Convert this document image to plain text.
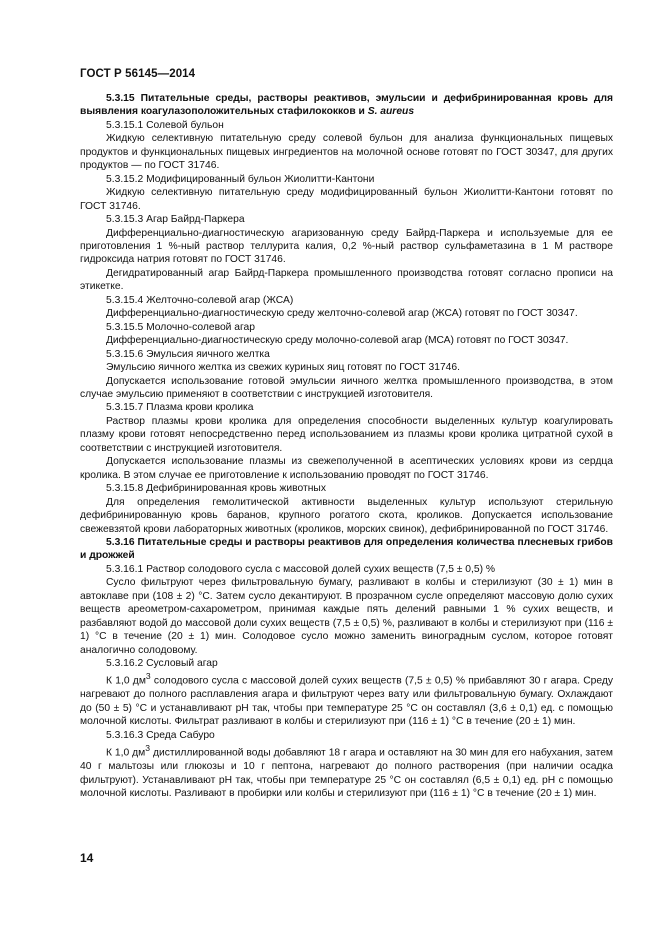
ГОСТ Р 56145—2014

5.3.15 Питательные среды, растворы реактивов, эмульсии и дефибринированная кровь для выявления коагулазоположительных стафилококков и S. aureus

5.3.15.1 Солевой бульон

Жидкую селективную питательную среду солевой бульон для анализа функциональных пищевых продуктов и функциональных пищевых ингредиентов на молочной основе готовят по ГОСТ 30347, для других продуктов — по ГОСТ 31746.

5.3.15.2 Модифицированный бульон Жиолитти-Кантони

Жидкую селективную питательную среду модифицированный бульон Жиолитти-Кантони готовят по ГОСТ 31746.

5.3.15.3 Агар Байрд-Паркера

Дифференциально-диагностическую агаризованную среду Байрд-Паркера и используемые для ее приготовления 1 %-ный раствор теллурита калия, 0,2 %-ный раствор сульфаметазина в 1 М растворе гидроксида натрия готовят по ГОСТ 31746.

Дегидратированный агар Байрд-Паркера промышленного производства готовят согласно прописи на этикетке.

5.3.15.4 Желточно-солевой агар (ЖСА)

Дифференциально-диагностическую среду желточно-солевой агар (ЖСА) готовят по ГОСТ 30347.

5.3.15.5 Молочно-солевой агар

Дифференциально-диагностическую среду молочно-солевой агар (МСА) готовят по ГОСТ 30347.

5.3.15.6 Эмульсия яичного желтка

Эмульсию яичного желтка из свежих куриных яиц готовят по ГОСТ 31746.

Допускается использование готовой эмульсии яичного желтка промышленного производства, в этом случае эмульсию применяют в соответствии с инструкцией изготовителя.

5.3.15.7 Плазма крови кролика

Раствор плазмы крови кролика для определения способности выделенных культур коагулировать плазму крови готовят непосредственно перед использованием из плазмы крови кролика цитратной сухой в соответствии с инструкцией изготовителя.

Допускается использование плазмы из свежеполученной в асептических условиях крови из сердца кролика. В этом случае ее приготовление к использованию проводят по ГОСТ 31746.

5.3.15.8 Дефибринированная кровь животных

Для определения гемолитической активности выделенных культур используют стерильную дефибринированную кровь баранов, крупного рогатого скота, кроликов. Допускается использование свежевзятой крови лабораторных животных (кроликов, морских свинок), дефибринированной по ГОСТ 31746.

5.3.16 Питательные среды и растворы реактивов для определения количества плесневых грибов и дрожжей

5.3.16.1 Раствор солодового сусла с массовой долей сухих веществ (7,5 ± 0,5) %

Сусло фильтруют через фильтровальную бумагу, разливают в колбы и стерилизуют (30 ± 1) мин в автоклаве при (108 ± 2) °С. Затем сусло декантируют. В прозрачном сусле определяют массовую долю сухих веществ ареометром-сахарометром, принимая каждые пять делений равными 1 % сухих веществ, и разбавляют водой до массовой доли сухих веществ (7,5 ± 0,5) %, разливают в колбы и стерилизуют при (116 ± 1) °С в течение (20 ± 1) мин. Солодовое сусло можно заменить виноградным суслом, которое готовят аналогично солодовому.

5.3.16.2 Сусловый агар

К 1,0 $дм^3$ солодового сусла с массовой долей сухих веществ (7,5 ± 0,5) % прибавляют 30 г агара. Среду нагревают до полного расплавления агара и фильтруют через вату или фильтровальную бумагу. Охлаждают до (50 ± 5) °С и устанавливают pH так, чтобы при температуре 25 °С он составлял (3,6 ± 0,1) ед. с помощью молочной кислоты. Фильтрат разливают в колбы и стерилизуют при (116 ± 1) °С в течение (20 ± 1) мин.

5.3.16.3 Среда Сабуро

К 1,0 $дм^3$ дистиллированной воды добавляют 18 г агара и оставляют на 30 мин для его набухания, затем 40 г мальтозы или глюкозы и 10 г пептона, нагревают до полного растворения (при наличии осадка фильтруют). Устанавливают pH так, чтобы при температуре 25 °С он составлял (6,5 ± 0,1) ед. pH с помощью молочной кислоты. Разливают в пробирки или колбы и стерилизуют при (116 ± 1) °С в течение (20 ± 1) мин.

14
